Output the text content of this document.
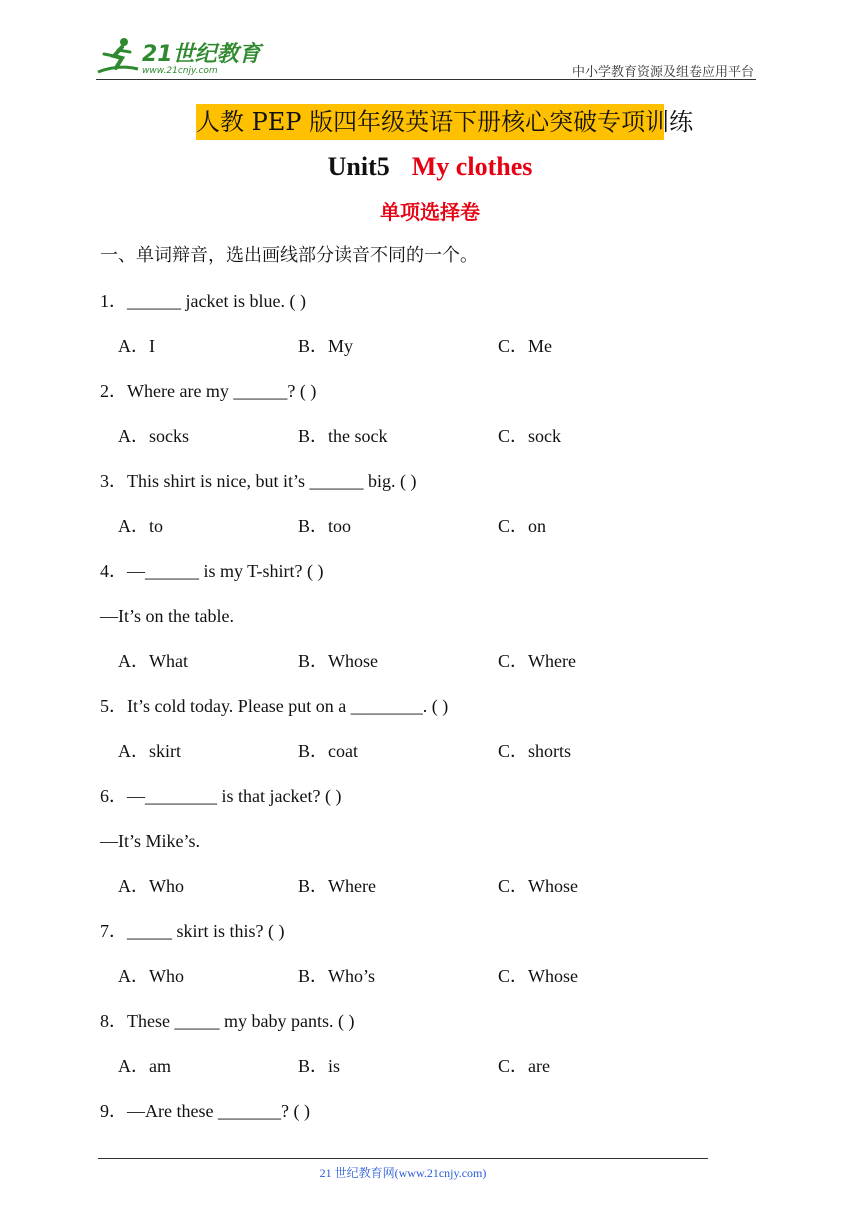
21世纪教育
www.21cnjy.com	中小学教育资源及组卷应用平台
人教 PEP 版四年级英语下册核心突破专项训练
Unit5 My clothes
单项选择卷
一、单词辩音，选出画线部分读音不同的一个。
1．______ jacket is blue. ( )
A．I	B．My	C．Me
2．Where are my ______? ( )
A．socks	B．the sock	C．sock
3．This shirt is nice, but it’s ______ big. ( )
A．to	B．too	C．on
4．—______ is my T-shirt? ( )
—It’s on the table.
A．What	B．Whose	C．Where
5．It’s cold today. Please put on a ________. ( )
A．skirt	B．coat	C．shorts
6．—________ is that jacket? ( )
—It’s Mike’s.
A．Who	B．Where	C．Whose
7．_____ skirt is this? ( )
A．Who	B．Who’s	C．Whose
8．These _____ my baby pants. ( )
A．am	B．is	C．are
9．—Are these _______? ( )
21 世纪教育网(www.21cnjy.com)
